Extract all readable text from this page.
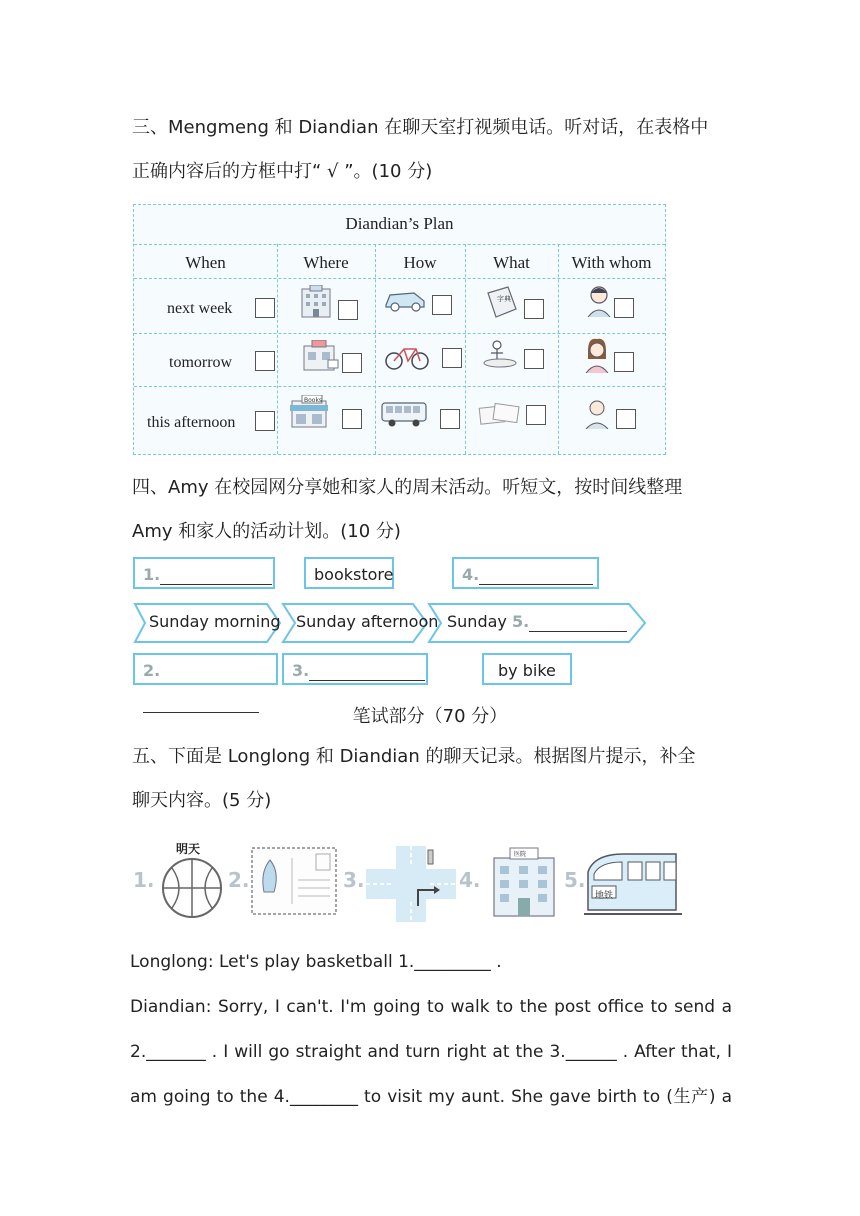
三、Mengmeng 和 Diandian 在聊天室打视频电话。听对话，在表格中
正确内容后的方框中打“ √ ”。(10 分)
Diandian’s Plan
When	Where	How	What	With whom
next week
tomorrow
this afternoon
Books
字典
四、Amy 在校园网分享她和家人的周末活动。听短文，按时间线整理
Amy 和家人的活动计划。(10 分)
1.	bookstore	4.
Sunday morning Sunday afternoon Sunday 5.
2.	3.	by bike
笔试部分（70 分）
五、下面是 Longlong 和 Diandian 的聊天记录。根据图片提示，补全
聊天内容。(5 分)
1.
明天
2.	3.	4.
医院
5.
地铁
Longlong: Let's play basketball 1._________ .
Diandian: Sorry, I can't. I'm going to walk to the post office to send a
2._______ . I will go straight and turn right at the 3.______ . After that, I
am going to the 4.________ to visit my aunt. She gave birth to (生产) a
